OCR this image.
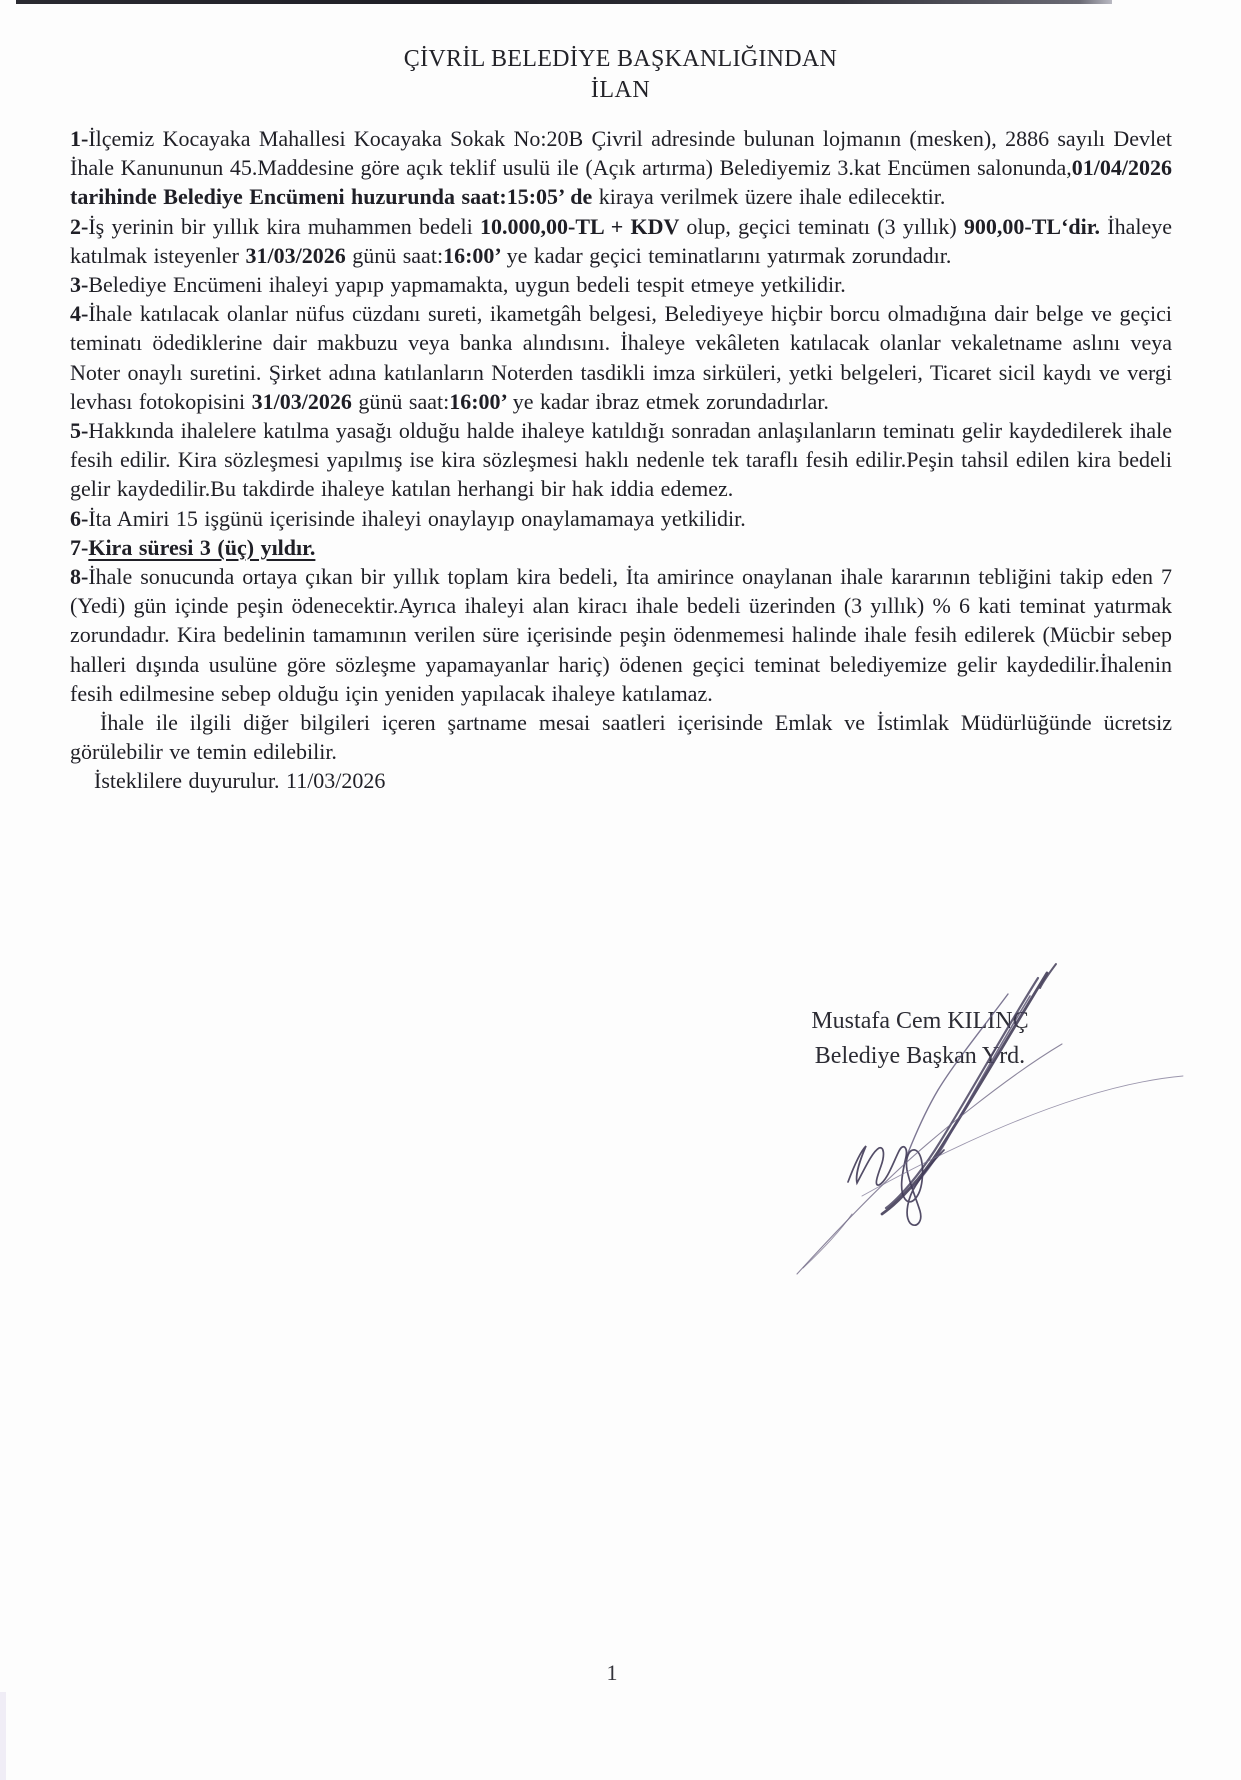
ÇİVRİL BELEDİYE BAŞKANLIĞINDAN
İLAN

1-İlçemiz Kocayaka Mahallesi Kocayaka Sokak No:20B Çivril adresinde bulunan lojmanın (mesken), 2886 sayılı Devlet İhale Kanununun 45.Maddesine göre açık teklif usulü ile (Açık artırma) Belediyemiz 3.kat Encümen salonunda,01/04/2026 tarihinde Belediye Encümeni huzurunda saat:15:05’ de kiraya verilmek üzere ihale edilecektir.

2-İş yerinin bir yıllık kira muhammen bedeli 10.000,00-TL + KDV olup, geçici teminatı (3 yıllık) 900,00-TL‘dir. İhaleye katılmak isteyenler 31/03/2026 günü saat:16:00’ ye kadar geçici teminatlarını yatırmak zorundadır.

3-Belediye Encümeni ihaleyi yapıp yapmamakta, uygun bedeli tespit etmeye yetkilidir.

4-İhale katılacak olanlar nüfus cüzdanı sureti, ikametgâh belgesi, Belediyeye hiçbir borcu olmadığına dair belge ve geçici teminatı ödediklerine dair makbuzu veya banka alındısını. İhaleye vekâleten katılacak olanlar vekaletname aslını veya Noter onaylı suretini. Şirket adına katılanların Noterden tasdikli imza sirküleri, yetki belgeleri, Ticaret sicil kaydı ve vergi levhası fotokopisini 31/03/2026 günü saat:16:00’ ye kadar ibraz etmek zorundadırlar.

5-Hakkında ihalelere katılma yasağı olduğu halde ihaleye katıldığı sonradan anlaşılanların teminatı gelir kaydedilerek ihale fesih edilir. Kira sözleşmesi yapılmış ise kira sözleşmesi haklı nedenle tek taraflı fesih edilir.Peşin tahsil edilen kira bedeli gelir kaydedilir.Bu takdirde ihaleye katılan herhangi bir hak iddia edemez.

6-İta Amiri 15 işgünü içerisinde ihaleyi onaylayıp onaylamamaya yetkilidir.

7-Kira süresi 3 (üç) yıldır.

8-İhale sonucunda ortaya çıkan bir yıllık toplam kira bedeli, İta amirince onaylanan ihale kararının tebliğini takip eden 7 (Yedi) gün içinde peşin ödenecektir.Ayrıca ihaleyi alan kiracı ihale bedeli üzerinden (3 yıllık) % 6 kati teminat yatırmak zorundadır. Kira bedelinin tamamının verilen süre içerisinde peşin ödenmemesi halinde ihale fesih edilerek (Mücbir sebep halleri dışında usulüne göre sözleşme yapamayanlar hariç) ödenen geçici teminat belediyemize gelir kaydedilir.İhalenin fesih edilmesine sebep olduğu için yeniden yapılacak ihaleye katılamaz.

İhale ile ilgili diğer bilgileri içeren şartname mesai saatleri içerisinde Emlak ve İstimlak Müdürlüğünde ücretsiz görülebilir ve temin edilebilir.

İsteklilere duyurulur. 11/03/2026

Mustafa Cem KILINÇ
Belediye Başkan Yrd.
1
